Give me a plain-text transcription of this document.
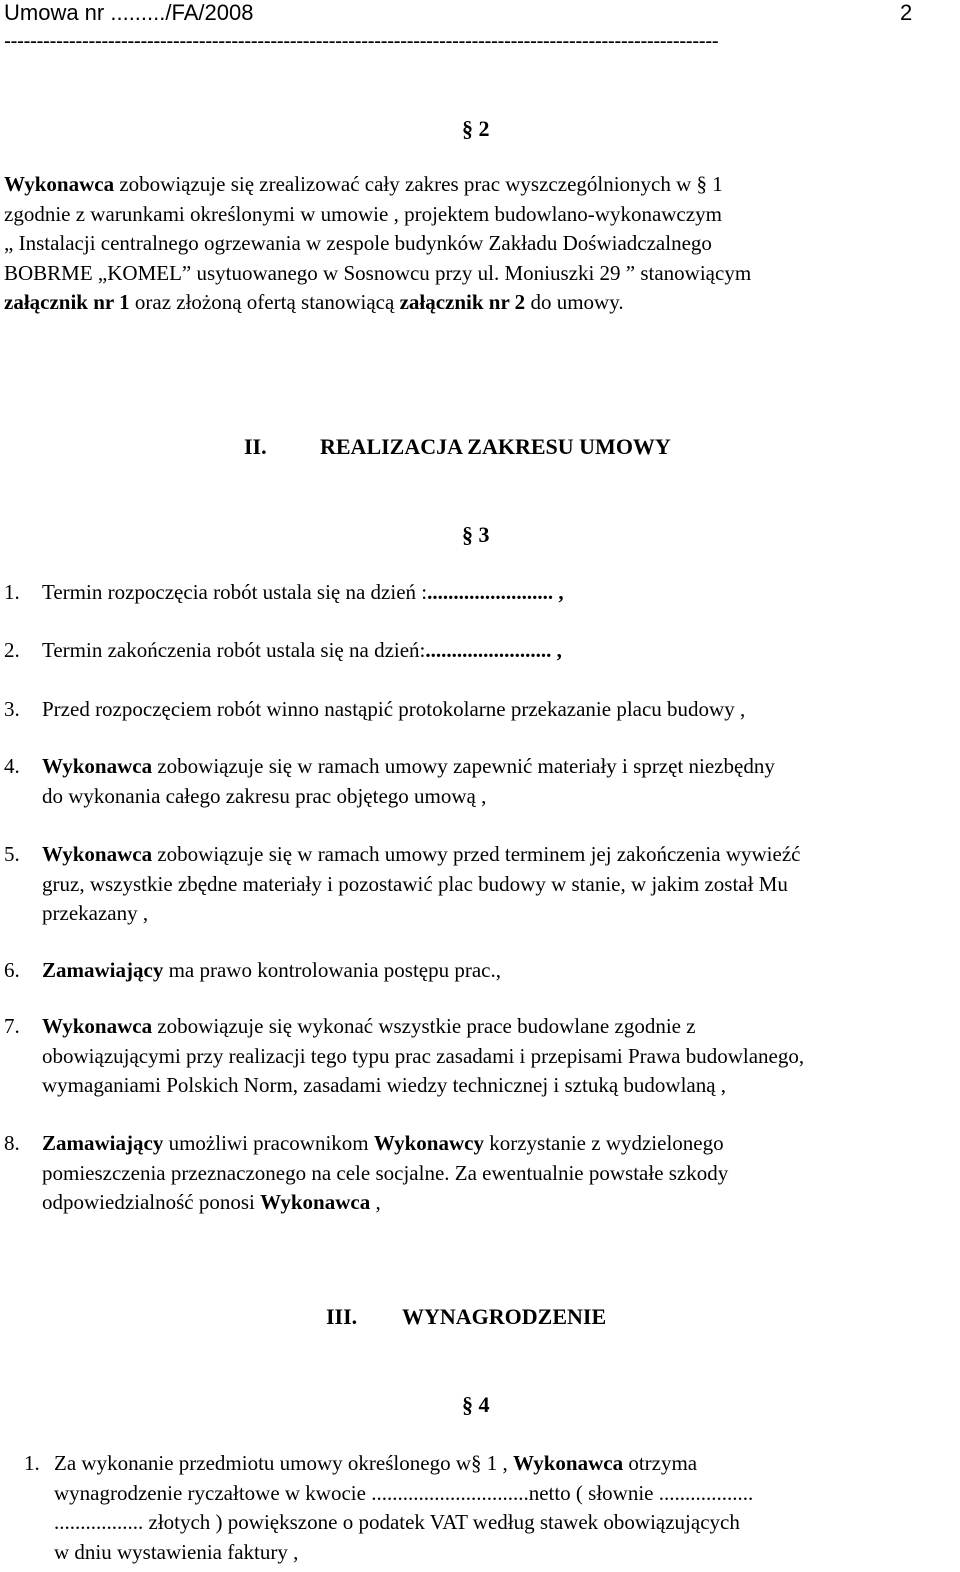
Umowa nr ........./FA/2008	2
--------------------------------------------------------------------------------------------------------------
§ 2
Wykonawca zobowiązuje się zrealizować cały zakres prac wyszczególnionych w § 1
zgodnie z warunkami określonymi w umowie , projektem budowlano-wykonawczym
„ Instalacji centralnego ogrzewania w zespole budynków Zakładu Doświadczalnego
BOBRME „KOMEL” usytuowanego w Sosnowcu przy ul. Moniuszki 29 ” stanowiącym
załącznik nr 1 oraz złożoną ofertą stanowiącą załącznik nr 2 do umowy.
II. REALIZACJA ZAKRESU UMOWY
§ 3
1. Termin rozpoczęcia robót ustala się na dzień :........................ ,
2. Termin zakończenia robót ustala się na dzień:........................ ,
3. Przed rozpoczęciem robót winno nastąpić protokolarne przekazanie placu budowy ,
4. Wykonawca zobowiązuje się w ramach umowy zapewnić materiały i sprzęt niezbędny
do wykonania całego zakresu prac objętego umową ,
5. Wykonawca zobowiązuje się w ramach umowy przed terminem jej zakończenia wywieźć
gruz, wszystkie zbędne materiały i pozostawić plac budowy w stanie, w jakim został Mu
przekazany ,
6. Zamawiający ma prawo kontrolowania postępu prac.,
7. Wykonawca zobowiązuje się wykonać wszystkie prace budowlane zgodnie z
obowiązującymi przy realizacji tego typu prac zasadami i przepisami Prawa budowlanego,
wymaganiami Polskich Norm, zasadami wiedzy technicznej i sztuką budowlaną ,
8. Zamawiający umożliwi pracownikom Wykonawcy korzystanie z wydzielonego
pomieszczenia przeznaczonego na cele socjalne. Za ewentualnie powstałe szkody
odpowiedzialność ponosi Wykonawca ,
III. WYNAGRODZENIE
§ 4
1. Za wykonanie przedmiotu umowy określonego w§ 1 , Wykonawca otrzyma
wynagrodzenie ryczałtowe w kwocie ..............................netto ( słownie ..................
................. złotych ) powiększone o podatek VAT według stawek obowiązujących
w dniu wystawienia faktury ,
